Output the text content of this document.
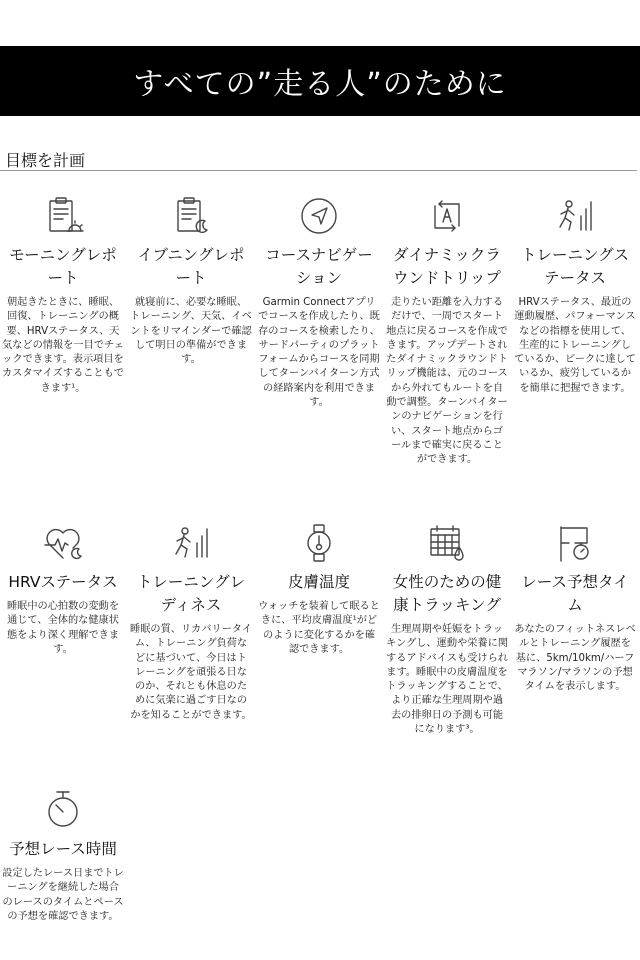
すべての”走る人”のために
目標を計画
モーニングレポート

朝起きたときに、睡眠、回復、トレーニングの概要、HRVステータス、天気などの情報を一目でチェックできます。表示項目をカスタマイズすることもできます¹。

イブニングレポート

就寝前に、必要な睡眠、トレーニング、天気、イベントをリマインダーで確認して明日の準備ができます。

コースナビゲーション

Garmin Connectアプリでコースを作成したり、既存のコースを検索したり、サードパーティのプラットフォームからコースを同期してターンバイターン方式の経路案内を利用できます。

ダイナミックラウンドトリップ

走りたい距離を入力するだけで、一周でスタート地点に戻るコースを作成できます。アップデートされたダイナミックラウンドトリップ機能は、元のコースから外れてもルートを自動で調整。ターンバイターンのナビゲーションを行い、スタート地点からゴールまで確実に戻ることができます。

トレーニングステータス

HRVステータス、最近の運動履歴、パフォーマンスなどの指標を使用して、生産的にトレーニングしているか、ピークに達しているか、疲労しているかを簡単に把握できます。

HRVステータス

睡眠中の心拍数の変動を通じて、全体的な健康状態をより深く理解できます。

トレーニングレディネス

睡眠の質、リカバリータイム、トレーニング負荷などに基づいて、今日はトレーニングを頑張る日なのか、それとも休息のために気楽に過ごす日なのかを知ることができます。

皮膚温度

ウォッチを装着して眠るときに、平均皮膚温度¹がどのように変化するかを確認できます。

女性のための健康トラッキング

生理周期や妊娠をトラッキングし、運動や栄養に関するアドバイスも受けられます。睡眠中の皮膚温度をトラッキングすることで、より正確な生理周期や過去の排卵日の予測も可能になります³。

レース予想タイム

あなたのフィットネスレベルとトレーニング履歴を基に、5km/10km/ハーフマラソン/マラソンの予想タイムを表示します。

予想レース時間

設定したレース日までトレーニングを継続した場合のレースのタイムとペースの予想を確認できます。
